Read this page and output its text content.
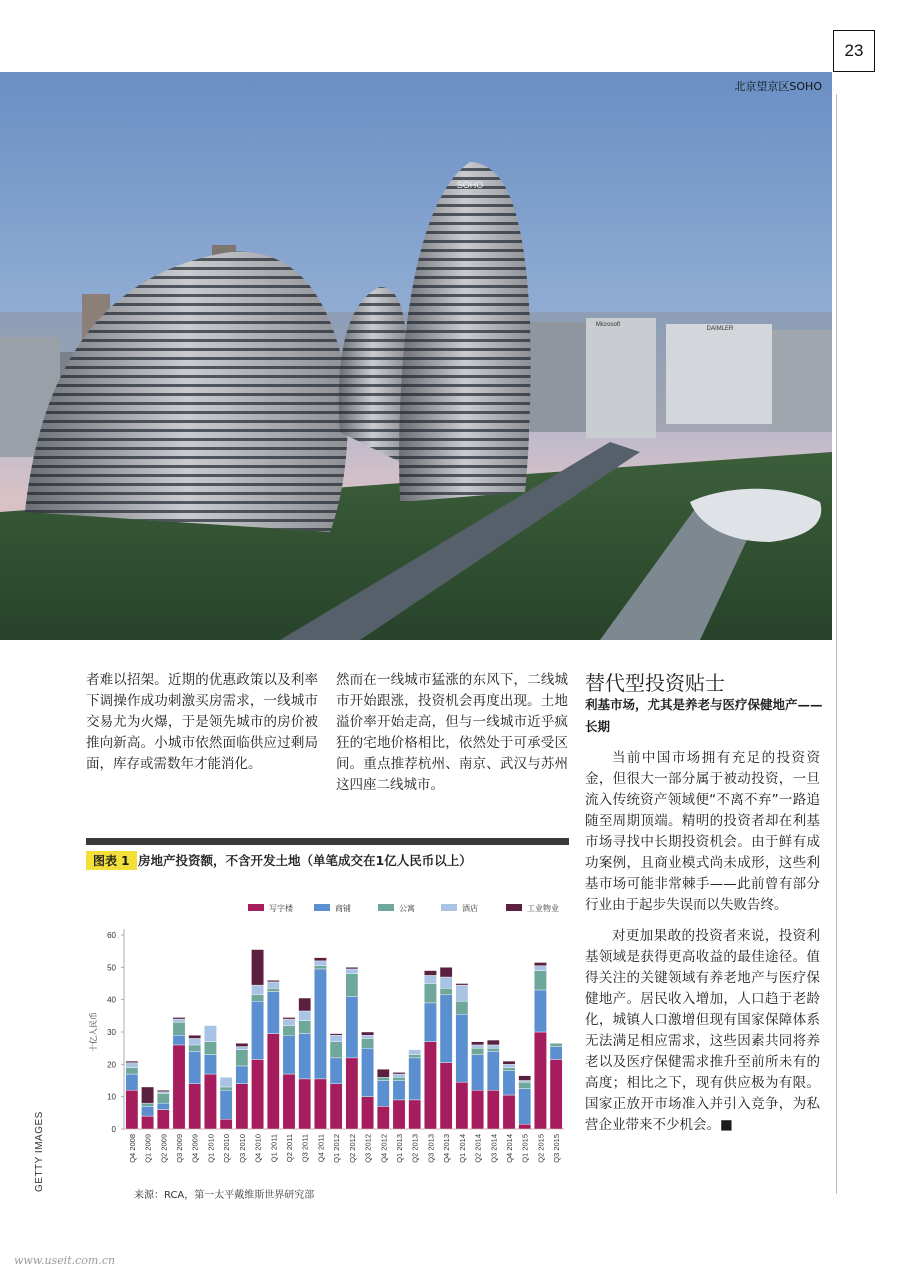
23
SOHO
Microsoft
DAIMLER
北京望京区SOHO
GETTY IMAGES
者难以招架。近期的优惠政策以及利率下调操作成功刺激买房需求，一线城市交易尤为火爆，于是领先城市的房价被推向新高。小城市依然面临供应过剩局面，库存或需数年才能消化。
然而在一线城市猛涨的东风下，二线城市开始跟涨，投资机会再度出现。土地溢价率开始走高，但与一线城市近乎疯狂的宅地价格相比，依然处于可承受区间。重点推荐杭州、南京、武汉与苏州这四座二线城市。
替代型投资贴士
利基市场，尤其是养老与医疗保健地产——长期

当前中国市场拥有充足的投资资金，但很大一部分属于被动投资，一旦流入传统资产领域便“不离不弃”一路追随至周期顶端。精明的投资者却在利基市场寻找中长期投资机会。由于鲜有成功案例，且商业模式尚未成形，这些利基市场可能非常棘手——此前曾有部分行业由于起步失误而以失败告终。

对更加果敢的投资者来说，投资利基领域是获得更高收益的最佳途径。值得关注的关键领域有养老地产与医疗保健地产。居民收入增加，人口趋于老龄化，城镇人口激增但现有国家保障体系无法满足相应需求，这些因素共同将养老以及医疗保健需求推升至前所未有的高度；相比之下，现有供应极为有限。国家正放开市场准入并引入竞争，为私营企业带来不少机会。■

图表 1 房地产投资额，不含开发土地（单笔成交在1亿人民币以上）
写字楼	商铺	公寓	酒店	工业物业
0
10
20
30
40
50
60
十亿人民币
Q4 2008 Q1 2009 Q2 2009 Q3 2009 Q4 2009 Q1 2010 Q2 2010 Q3 2010 Q4 2010 Q1 2011 Q2 2011 Q3 2011 Q4 2011 Q1 2012 Q2 2012 Q3 2012 Q4 2012 Q1 2013 Q2 2013 Q3 2013 Q4 2013 Q1 2014 Q2 2014 Q3 2014 Q4 2014 Q1 2015 Q2 2015 Q3 2015
来源：RCA，第一太平戴维斯世界研究部
www.useit.com.cn
